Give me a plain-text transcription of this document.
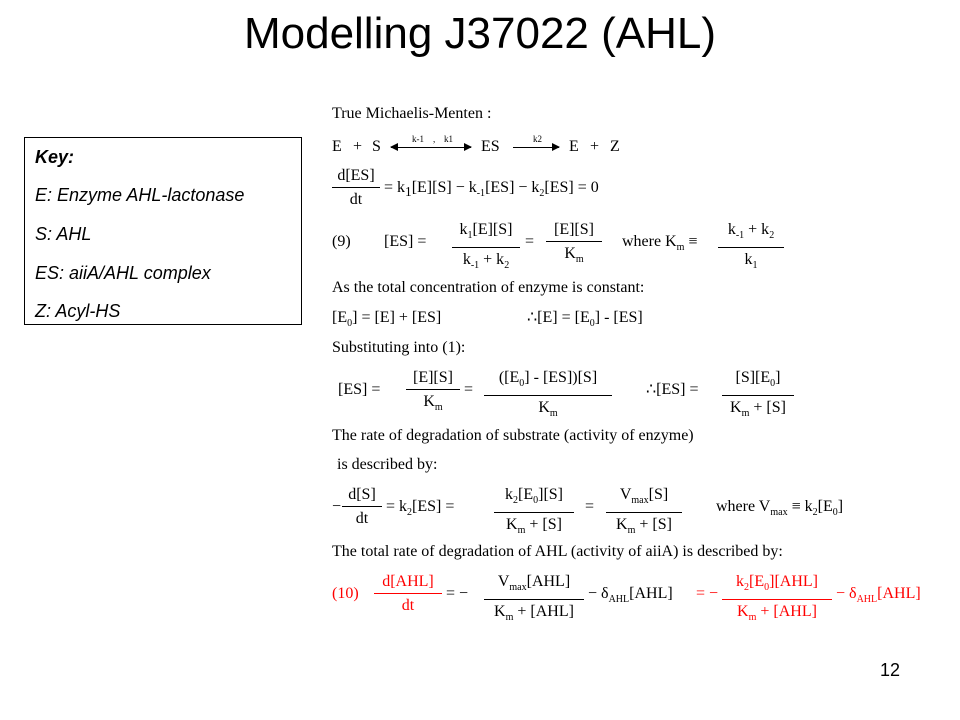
Modelling J37022 (AHL)
Key:
E: Enzyme AHL-lactonase
S: AHL
ES: aiiA/AHL complex
Z: Acyl-HS
True Michaelis-Menten :
E + S	k-1 , k1 ES	k2 E + Z
$\frac{d[ES]}{dt} = k_1[E][S] - k_{-1}[ES] - k_2[ES] = 0$
(9) $[ES] = \frac{k_1[E][S]}{k_{-1} + k_2} = \frac{[E][S]}{K_m}$ where $K_m \equiv \frac{k_{-1} + k_2}{k_1}$
As the total concentration of enzyme is constant:
$[E_0] = [E] + [ES]$	∴[E] = $[E_0] - [ES]$
Substituting into (1):
$[ES] = \frac{[E][S]}{K_m} = \frac{([E_0] - [ES])[S]}{K_m}$ ∴[ES] = $\frac{[S][E_0]}{K_m + [S]}$
The rate of degradation of substrate (activity of enzyme)
is described by:
− $\frac{d[S]}{dt} = k_2[ES] = \frac{k_2[E_0][S]}{K_m + [S]}$ =
$V_{max}[S]$
$K_m + [S]$
where $V_{max} \equiv k_2[E_0]$
The total rate of degradation of AHL (activity of aiiA) is described by:
(10)
d[AHL]
dt
= −
$V_{max}[AHL]$
$K_m + [AHL]$
− $\delta_{AHL}[AHL]$ = −
$k_2[E_0][AHL]$
$K_m + [AHL]$
− $\delta_{AHL}[AHL]$
12
